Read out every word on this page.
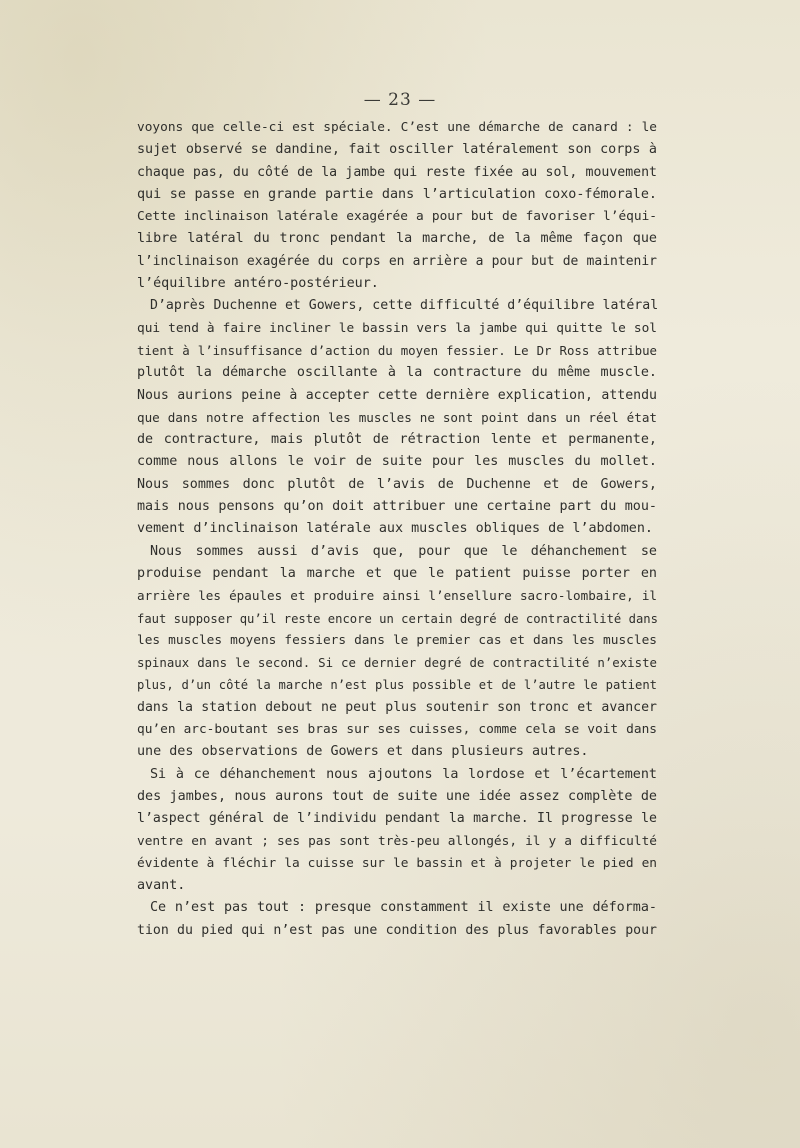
— 23 —
voyons que celle-ci est spéciale. C’est une démarche de canard : le
sujet observé se dandine, fait osciller latéralement son corps à
chaque pas, du côté de la jambe qui reste fixée au sol, mouvement
qui se passe en grande partie dans l’articulation coxo-fémorale.
Cette inclinaison latérale exagérée a pour but de favoriser l’équi-
libre latéral du tronc pendant la marche, de la même façon que
l’inclinaison exagérée du corps en arrière a pour but de maintenir
l’équilibre antéro-postérieur.
D’après Duchenne et Gowers, cette difficulté d’équilibre latéral
qui tend à faire incliner le bassin vers la jambe qui quitte le sol
tient à l’insuffisance d’action du moyen fessier. Le Dr Ross attribue
plutôt la démarche oscillante à la contracture du même muscle.
Nous aurions peine à accepter cette dernière explication, attendu
que dans notre affection les muscles ne sont point dans un réel état
de contracture, mais plutôt de rétraction lente et permanente,
comme nous allons le voir de suite pour les muscles du mollet.
Nous sommes donc plutôt de l’avis de Duchenne et de Gowers,
mais nous pensons qu’on doit attribuer une certaine part du mou-
vement d’inclinaison latérale aux muscles obliques de l’abdomen.
Nous sommes aussi d’avis que, pour que le déhanchement se
produise pendant la marche et que le patient puisse porter en
arrière les épaules et produire ainsi l’ensellure sacro-lombaire, il
faut supposer qu’il reste encore un certain degré de contractilité dans
les muscles moyens fessiers dans le premier cas et dans les muscles
spinaux dans le second. Si ce dernier degré de contractilité n’existe
plus, d’un côté la marche n’est plus possible et de l’autre le patient
dans la station debout ne peut plus soutenir son tronc et avancer
qu’en arc-boutant ses bras sur ses cuisses, comme cela se voit dans
une des observations de Gowers et dans plusieurs autres.
Si à ce déhanchement nous ajoutons la lordose et l’écartement
des jambes, nous aurons tout de suite une idée assez complète de
l’aspect général de l’individu pendant la marche. Il progresse le
ventre en avant ; ses pas sont très-peu allongés, il y a difficulté
évidente à fléchir la cuisse sur le bassin et à projeter le pied en
avant.
Ce n’est pas tout : presque constamment il existe une déforma-
tion du pied qui n’est pas une condition des plus favorables pour
